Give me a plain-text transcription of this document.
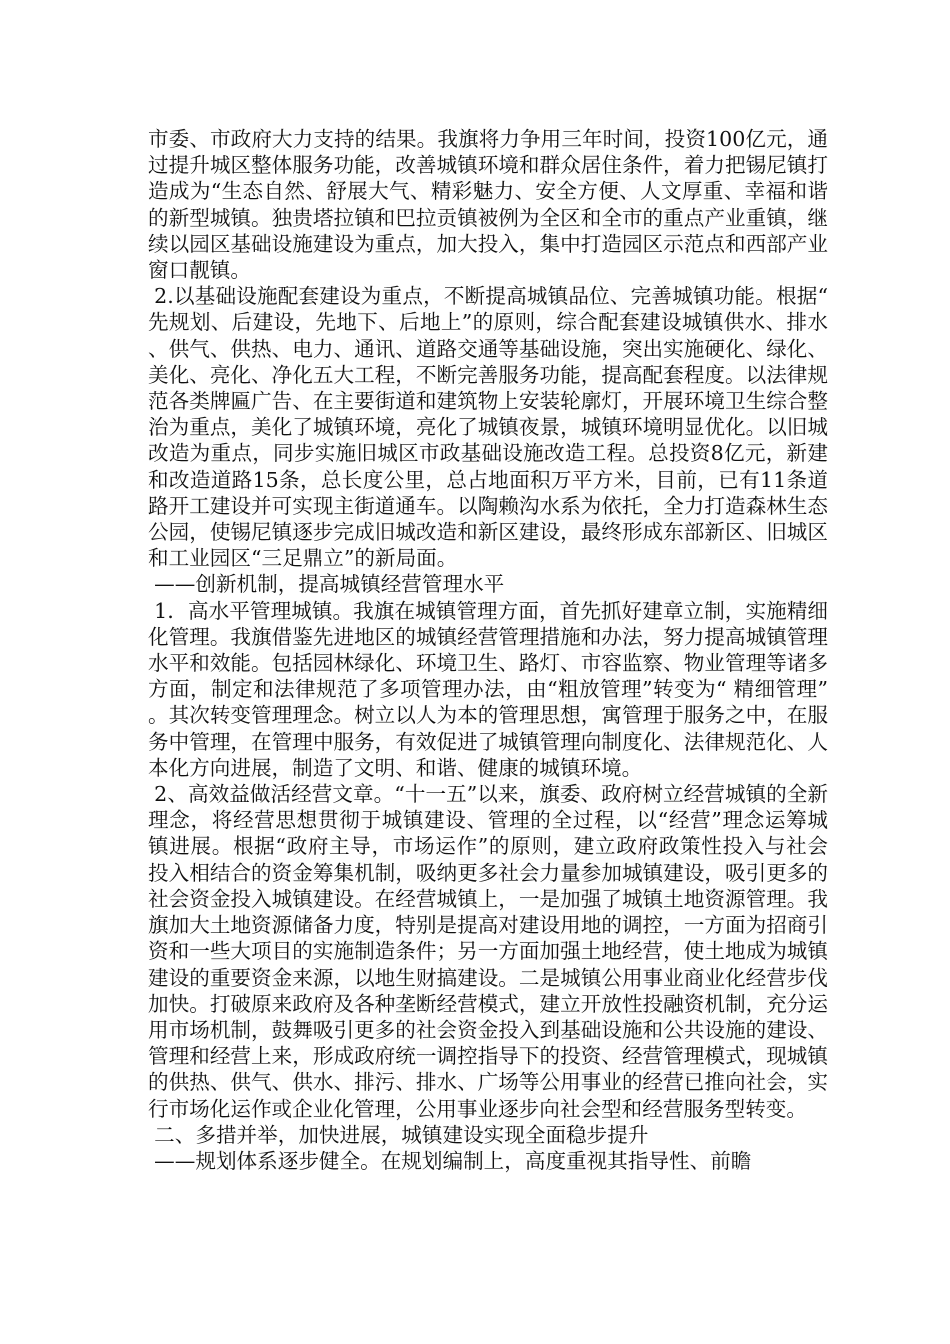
市委、市政府大力支持的结果。我旗将力争用三年时间，投资100亿元，通过提升城区整体服务功能，改善城镇环境和群众居住条件，着力把锡尼镇打造成为“生态自然、舒展大气、精彩魅力、安全方便、人文厚重、幸福和谐的新型城镇。独贵塔拉镇和巴拉贡镇被例为全区和全市的重点产业重镇，继续以园区基础设施建设为重点，加大投入，集中打造园区示范点和西部产业窗口靓镇。

2.以基础设施配套建设为重点，不断提高城镇品位、完善城镇功能。根据“先规划、后建设，先地下、后地上”的原则，综合配套建设城镇供水、排水、供气、供热、电力、通讯、道路交通等基础设施，突出实施硬化、绿化、美化、亮化、净化五大工程，不断完善服务功能，提高配套程度。以法律规范各类牌匾广告、在主要街道和建筑物上安装轮廓灯，开展环境卫生综合整治为重点，美化了城镇环境，亮化了城镇夜景，城镇环境明显优化。以旧城改造为重点，同步实施旧城区市政基础设施改造工程。总投资8亿元，新建和改造道路15条，总长度公里，总占地面积万平方米，目前，已有11条道路开工建设并可实现主街道通车。以陶赖沟水系为依托，全力打造森林生态公园，使锡尼镇逐步完成旧城改造和新区建设，最终形成东部新区、旧城区和工业园区“三足鼎立”的新局面。

——创新机制，提高城镇经营管理水平

1．高水平管理城镇。我旗在城镇管理方面，首先抓好建章立制，实施精细化管理。我旗借鉴先进地区的城镇经营管理措施和办法，努力提高城镇管理水平和效能。包括园林绿化、环境卫生、路灯、市容监察、物业管理等诸多方面，制定和法律规范了多项管理办法，由“粗放管理”转变为“ 精细管理”。其次转变管理理念。树立以人为本的管理思想，寓管理于服务之中，在服务中管理，在管理中服务，有效促进了城镇管理向制度化、法律规范化、人本化方向进展，制造了文明、和谐、健康的城镇环境。

2、高效益做活经营文章。“十一五”以来，旗委、政府树立经营城镇的全新理念，将经营思想贯彻于城镇建设、管理的全过程，以“经营”理念运筹城镇进展。根据“政府主导，市场运作”的原则，建立政府政策性投入与社会投入相结合的资金筹集机制，吸纳更多社会力量参加城镇建设，吸引更多的社会资金投入城镇建设。在经营城镇上，一是加强了城镇土地资源管理。我旗加大土地资源储备力度，特别是提高对建设用地的调控，一方面为招商引资和一些大项目的实施制造条件；另一方面加强土地经营，使土地成为城镇建设的重要资金来源，以地生财搞建设。二是城镇公用事业商业化经营步伐加快。打破原来政府及各种垄断经营模式，建立开放性投融资机制，充分运用市场机制，鼓舞吸引更多的社会资金投入到基础设施和公共设施的建设、管理和经营上来，形成政府统一调控指导下的投资、经营管理模式，现城镇的供热、供气、供水、排污、排水、广场等公用事业的经营已推向社会，实行市场化运作或企业化管理，公用事业逐步向社会型和经营服务型转变。

二、多措并举，加快进展，城镇建设实现全面稳步提升

——规划体系逐步健全。在规划编制上，高度重视其指导性、前瞻
